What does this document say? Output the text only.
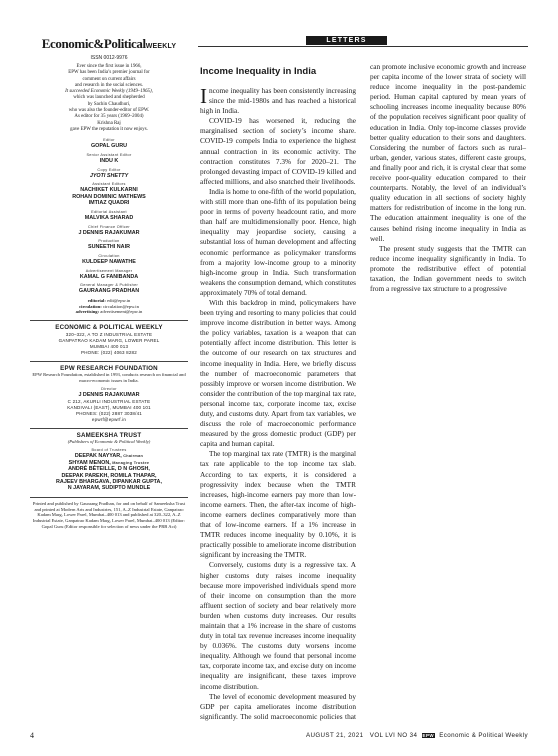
Economic&PoliticalWEEKLY
ISSN 0012-9976
Ever since the first issue in 1966,
EPW has been India’s premier journal for
comment on current affairs
and research in the social sciences.
It succeeded Economic Weekly (1949–1965),
which was launched and shepherded
by Sachin Chaudhuri,
who was also the founder-editor of EPW.
As editor for 35 years (1969–2004)
Krishna Raj
gave EPW the reputation it now enjoys.
Editor
GOPAL GURU
Senior Assistant Editor
INDU K
Copy Editor
JYOTI SHETTY
Assistant Editors
NACHIKET KULKARNI
ROHAN DOMINIC MATHEWS
IMTIAZ QUADRI
Editorial Assistant
MALVIKA SHARAD
Chief Finance Officer
J DENNIS RAJAKUMAR
Production
SUNEETHI NAIR
Circulation
KULDEEP NAWATHE
Advertisement Manager
KAMAL G FANIBANDA
General Manager & Publisher
GAURAANG PRADHAN
editorial: edit@epw.in
circulation: circulation@epw.in
advertising: advertisement@epw.in
ECONOMIC & POLITICAL WEEKLY
320–322, A TO Z INDUSTRIAL ESTATE
GANPATRAO KADAM MARG, LOWER PAREL
MUMBAI 400 013
PHONE: (022) 4063 8282
EPW RESEARCH FOUNDATION
EPW Research Foundation, established in 1993, conducts research on financial and macro-economic issues in India.
Director
J DENNIS RAJAKUMAR
C 212, AKURLI INDUSTRIAL ESTATE
KANDIVALI (EAST), MUMBAI 400 101
PHONES: (022) 2887 3038/41
epwrf@epwrf.in
SAMEEKSHA TRUST
(Publishers of Economic & Political Weekly)
Board of Trustees
DEEPAK NAYYAR, Chairman
SHYAM MENON, Managing Trustee
ANDRÉ BÉTEILLE, D N GHOSH,
DEEPAK PAREKH, ROMILA THAPAR,
RAJEEV BHARGAVA, DIPANKAR GUPTA,
N JAYARAM, SUDIPTO MUNDLE
Printed and published by Gauraang Pradhan, for and on behalf of Sameeksha Trust and printed at Modern Arts and Industries, 151, A–Z Industrial Estate, Ganpatrao Kadam Marg, Lower Parel, Mumbai–400 013 and published at 320–322, A–Z Industrial Estate, Ganpatrao Kadam Marg, Lower Parel, Mumbai–400 013 (Editor: Gopal Guru (Editor responsible for selection of news under the PRB Act)
LETTERS
Income Inequality in India

Income inequality has been consistently increasing since the mid-1980s and has reached a historical high in India.

COVID-19 has worsened it, reducing the marginalised section of society’s income share. COVID-19 compels India to experience the highest annual contraction in its economic activity. The contraction constitutes 7.3% for 2020–21. The prolonged devasting impact of COVID-19 killed and affected millions, and also snatched their livelihoods.

India is home to one-fifth of the world population, with still more than one-fifth of its population being poor in terms of poverty headcount ratio, and more than half are multidimensionally poor. Hence, high inequality may jeopardise society, causing a substantial loss of human development and affecting economic performance as policymaker transforms from a majority low-income group to a minority high-income group in India. Such transformation weakens the consumption demand, which constitutes approximately 70% of total demand.

With this backdrop in mind, policymakers have been trying and resorting to many policies that could improve income distribution in better ways. Among the policy variables, taxation is a weapon that can potentially affect income distribution. This letter is the outcome of our research on tax structures and income inequality in India. Here, we briefly discuss the number of macroeconomic parameters that possibly improve or worsen income distribution. We consider the contribution of the top marginal tax rate, personal income tax, corporate income tax, excise duty, and customs duty. Apart from tax variables, we discuss the role of macroeconomic performance measured by the gross domestic product (GDP) per capita and human capital.

The top marginal tax rate (TMTR) is the marginal tax rate applicable to the top income tax slab. According to tax experts, it is considered a progressivity index because when the TMTR increases, high-income earners pay more than low-income earners. Then, the after-tax income of high-income earners declines comparatively more than that of low-income earners. If a 1% increase in TMTR reduces income inequality by 0.10%, it is practically possible to ameliorate income distribution significant by increasing the TMTR.

Conversely, customs duty is a regressive tax. A higher customs duty raises income inequality because more impoverished individuals spend more of their income on consumption than the more affluent section of society and bear relatively more burden when customs duty increases. Our results maintain that a 1% increase in the share of customs duty in total tax revenue increases income inequality by 0.036%. The customs duty worsens income inequality. Although we found that personal income tax, corporate income tax, and excise duty on income inequality are insignificant, these taxes improve income distribution.

The level of economic development measured by GDP per capita ameliorates income distribution significantly. The solid macroeconomic policies that can promote inclusive economic growth and increase per capita income of the lower strata of society will reduce income inequality in the post-pandemic period. Human capital captured by mean years of schooling increases income inequality because 80% of the population receives significant poor quality of education in India. Only top-income classes provide better quality education to their sons and daughters. Considering the number of factors such as rural–urban, gender, various states, different caste groups, and finally poor and rich, it is crystal clear that some receive poor-quality education compared to their counterparts. Notably, the level of an individual’s quality education in all sections of society highly matters for redistribution of income in the long run. The education attainment inequality is one of the causes behind rising income inequality in India as well.

The present study suggests that the TMTR can reduce income inequality significantly in India. To promote the redistributive effect of potential taxation, the Indian government needs to switch from a regressive tax structure to a progressive

4	AUGUST 21, 2021 VOL LVI NO 34 EPW Economic & Political Weekly
